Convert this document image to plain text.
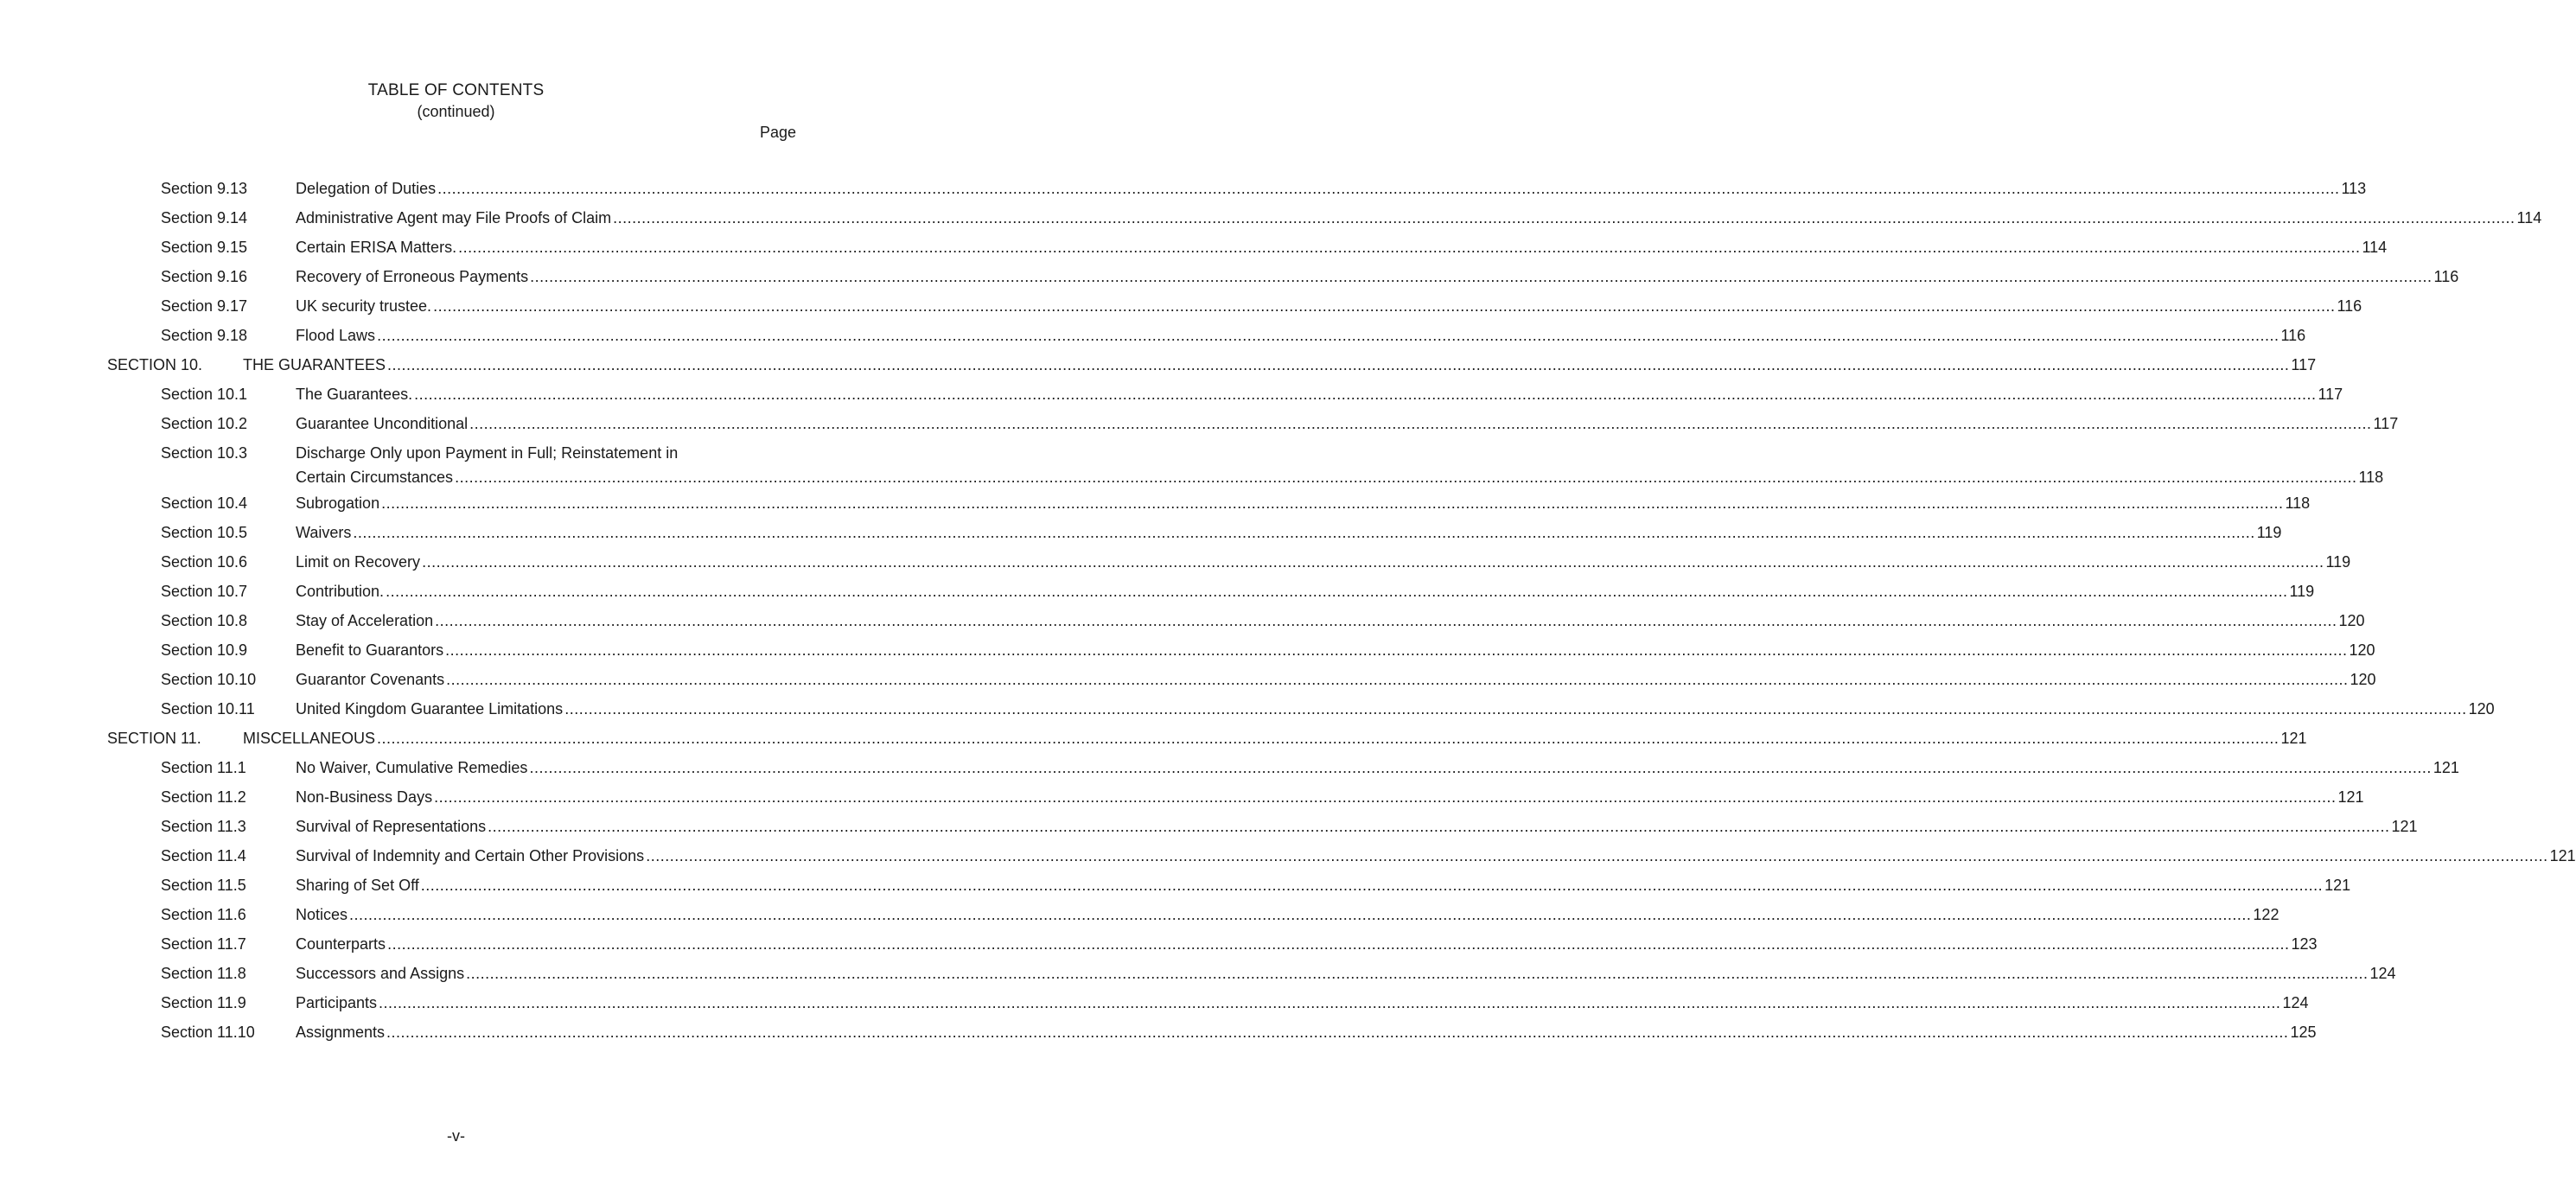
TABLE OF CONTENTS
(continued)
Page
Section 9.13	Delegation of Duties ................................................................................................................................................................................................................................................................................................................................................................................................................ 113
Section 9.14	Administrative Agent may File Proofs of Claim ................................................................................................................................................................................................................................................................................................................................................................................................................ 114
Section 9.15	Certain ERISA Matters. ................................................................................................................................................................................................................................................................................................................................................................................................................ 114
Section 9.16	Recovery of Erroneous Payments ................................................................................................................................................................................................................................................................................................................................................................................................................ 116
Section 9.17	UK security trustee. ................................................................................................................................................................................................................................................................................................................................................................................................................ 116
Section 9.18	Flood Laws ................................................................................................................................................................................................................................................................................................................................................................................................................ 116
SECTION 10.	THE GUARANTEES ................................................................................................................................................................................................................................................................................................................................................................................................................ 117
Section 10.1	The Guarantees. ................................................................................................................................................................................................................................................................................................................................................................................................................ 117
Section 10.2	Guarantee Unconditional ................................................................................................................................................................................................................................................................................................................................................................................................................ 117
Section 10.3	Discharge Only upon Payment in Full; Reinstatement in
Certain Circumstances ................................................................................................................................................................................................................................................................................................................................................................................................................ 118
Section 10.4	Subrogation ................................................................................................................................................................................................................................................................................................................................................................................................................ 118
Section 10.5	Waivers ................................................................................................................................................................................................................................................................................................................................................................................................................ 119
Section 10.6	Limit on Recovery ................................................................................................................................................................................................................................................................................................................................................................................................................ 119
Section 10.7	Contribution. ................................................................................................................................................................................................................................................................................................................................................................................................................ 119
Section 10.8	Stay of Acceleration ................................................................................................................................................................................................................................................................................................................................................................................................................ 120
Section 10.9	Benefit to Guarantors ................................................................................................................................................................................................................................................................................................................................................................................................................ 120
Section 10.10	Guarantor Covenants ................................................................................................................................................................................................................................................................................................................................................................................................................ 120
Section 10.11	United Kingdom Guarantee Limitations ................................................................................................................................................................................................................................................................................................................................................................................................................ 120
SECTION 11.	MISCELLANEOUS ................................................................................................................................................................................................................................................................................................................................................................................................................ 121
Section 11.1	No Waiver, Cumulative Remedies ................................................................................................................................................................................................................................................................................................................................................................................................................ 121
Section 11.2	Non-Business Days ................................................................................................................................................................................................................................................................................................................................................................................................................ 121
Section 11.3	Survival of Representations ................................................................................................................................................................................................................................................................................................................................................................................................................ 121
Section 11.4	Survival of Indemnity and Certain Other Provisions ................................................................................................................................................................................................................................................................................................................................................................................................................ 121
Section 11.5	Sharing of Set Off ................................................................................................................................................................................................................................................................................................................................................................................................................ 121
Section 11.6	Notices ................................................................................................................................................................................................................................................................................................................................................................................................................ 122
Section 11.7	Counterparts ................................................................................................................................................................................................................................................................................................................................................................................................................ 123
Section 11.8	Successors and Assigns ................................................................................................................................................................................................................................................................................................................................................................................................................ 124
Section 11.9	Participants ................................................................................................................................................................................................................................................................................................................................................................................................................ 124
Section 11.10	Assignments ................................................................................................................................................................................................................................................................................................................................................................................................................ 125
-v-
